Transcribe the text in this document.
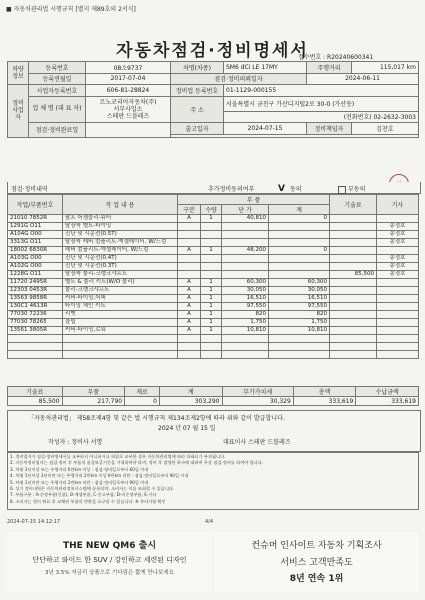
■ 자동차관리법 시행규칙 [별지 제89호의 2서식]
자동차점검·정비명세서
접수번호 : R20240600341
차량정보	등록번호	08소9737	차명(차종)	SM6 dCi LE 17MY	주행거리	115,017 km
	등록연월일	2017-07-04	점검·정비의뢰일자		2024-06-11	
정비사업자	사업자등록번호	606-81-28824	정비업 등록번호	01-1129-000155		
	업 체 명 (대 표 자)	르노코리아자동차(주)
서부사업소
스테판 드블레즈	주 소	서울특별시 금천구 가산디지털2로 30-0 (가산동)		
				(전화번호) 02-2632-3003		
	점검·정비완료일		출고일자	2024-07-15	정비책임자	김찬호

점검·정비내역	추가정비동의여부	V 동의	부동의
작업/부품번호	작 업 내 용	부 품				기술료	기사
		구분	수량	단 가	계		
21010 7852R	팔프 어셈블리-워터	A	1	40,810	0		
1291G O11	탈장착 벨트-타이밍						송정호
A104G O00	진단 및 시운전(0.5T)						송정호
3313G O11	탈장착 레버 컴플리트-엑셀레이터, W/드럼						송정호
18002 6830R	레버 컴플리트-엑셀레이터, W/드럼	A	1	48,200	0		
A103G O00	진단 및 시운전(0.4T)						송정호
A102G O00	진단 및 시운전(0.3T)						송정호
1228G O11	탈장착 풀리-크랭크샤프트					85,500	송정호
11720 2495R	벨트 & 풀리 키트(W/O 풀리)	A	1	60,300	60,300		
12303 0453R	풀리-크랭크샤프트	A	1	30,050	30,050		
13563 9858R	커버-타이밍,어퍼	A	1	16,510	16,510		
130C1 4613R	타이밍 체인 키트	A	1	97,550	97,550		
77030 72236	리벳	A	1	820	820		
77030 78265	클립	A	1	1,750	1,750		
13561 3805R	커버-타이밍,로워	A	1	10,810	10,810		

기술료	부품	재료	계	부가가치세	총액	수납금액
85,500	217,790	0	303,290	30,329	333,619	333,619
「자동차관리법」 제58조제4항 및 같은 법 시행규칙 제134조제2항에 따라 위와 같이 발급합니다.
2024 년 07 월 15 일
작성자 : 정비사 서명	대표이사 스테판 드블레즈
1. 정비업자가 점검·정비명세서를 교부하지 아니하거나 허위로 교부한 경우 자동차관리법에 따라 과태료가 부과됩니다.
2. 자동차정비업자는 점검·정비 후 부품의 품질보증기간을 기재하여야 하며, 정비 후 발생한 하자에 대하여 무상 점검·정비를 하여야 합니다.
3. 차령 3년이상 또는 주행거리 6만km 이상 : 점검·정비일로부터 60일 이내
4. 차령 1년이상 3년미만 또는 주행거리 2만km 이상 6만km 미만 : 점검·정비일로부터 90일 이내
5. 차령 1년미만 또는 주행거리 2만km 미만 : 점검·정비일로부터 90일 이내
6. 상기 정비내역은 자동차관리정보시스템에 등록되며, 소비자는 이를 조회할 수 있습니다.
7. 부품구분 : A-순정부품(신품), B-재생부품, C-중고부품, D-비순정부품, E-기타
8. 소비자는 정비 완료 후 교체된 부품의 반환을 요구할 수 있습니다. ※ 주의사항 확인
2024-07-15 14:12:17	4/4
THE NEW QM6 출시
단단하고 와이드 한 SUV / 강인하고 세련된 디자인
3년 3.5% 저금리 상품으로 기다림은 짧게 만나보세요
컨슈머 인사이트 자동차 기획조사
서비스 고객만족도
8년 연속 1위
